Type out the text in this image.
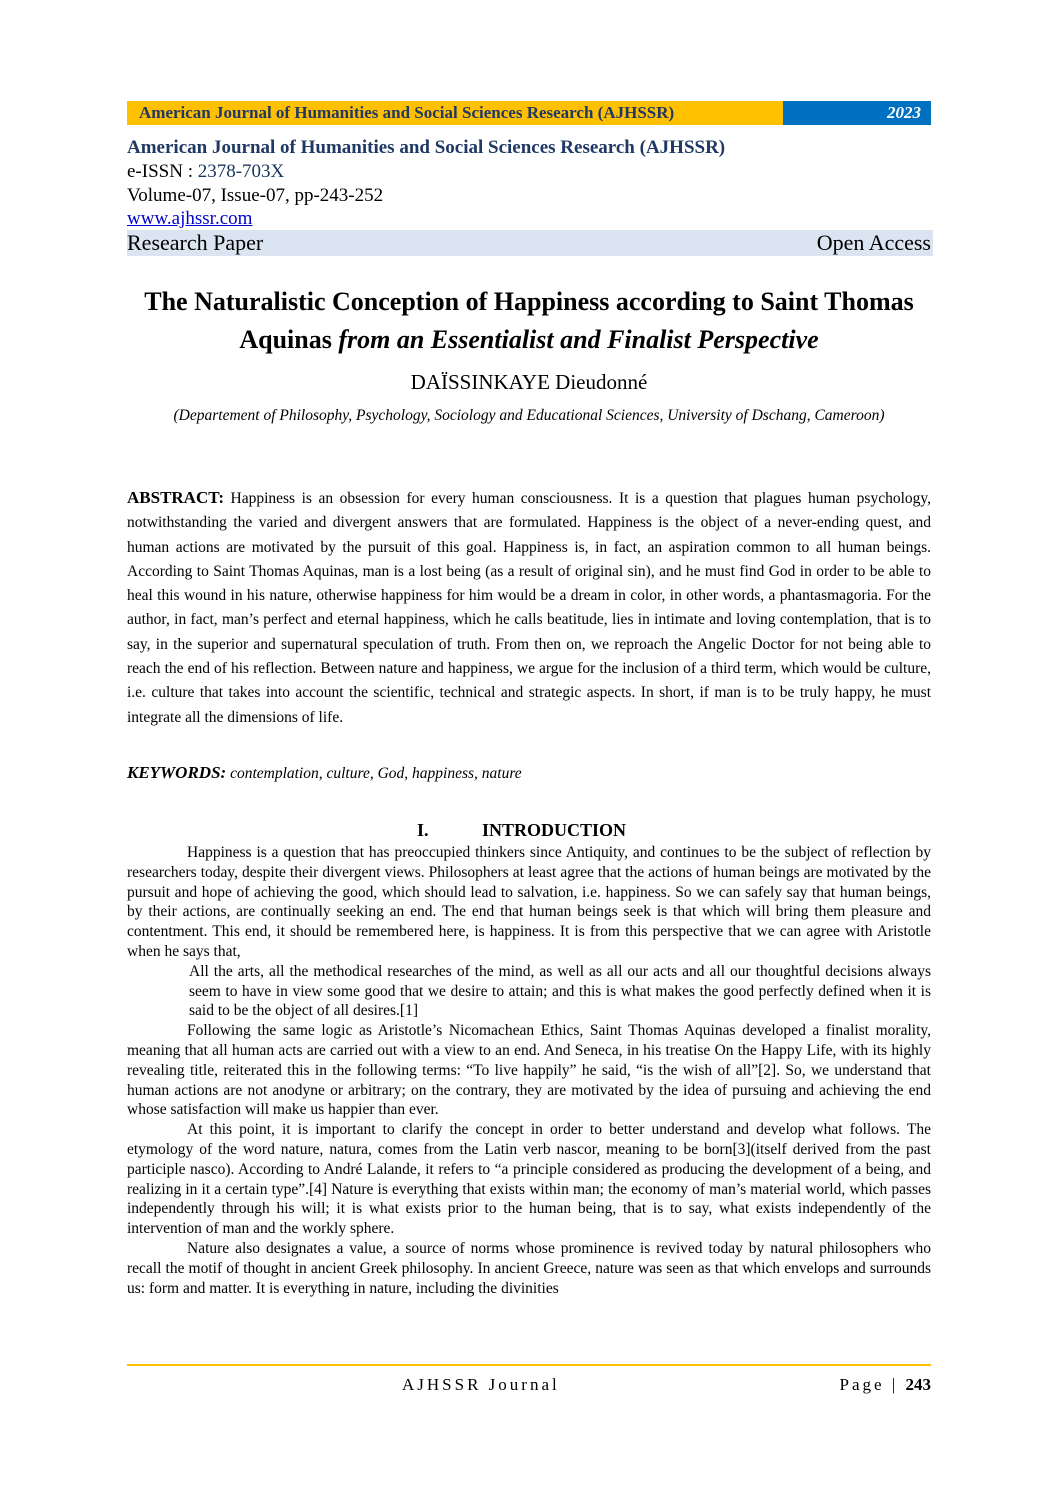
American Journal of Humanities and Social Sciences Research (AJHSSR)	2023
American Journal of Humanities and Social Sciences Research (AJHSSR)
e-ISSN : 2378-703X
Volume-07, Issue-07, pp-243-252
www.ajhssr.com
Research Paper	Open Access
The Naturalistic Conception of Happiness according to Saint Thomas Aquinas from an Essentialist and Finalist Perspective
DAÏSSINKAYE Dieudonné
(Departement of Philosophy, Psychology, Sociology and Educational Sciences, University of Dschang, Cameroon)
ABSTRACT: Happiness is an obsession for every human consciousness. It is a question that plagues human psychology, notwithstanding the varied and divergent answers that are formulated. Happiness is the object of a never-ending quest, and human actions are motivated by the pursuit of this goal. Happiness is, in fact, an aspiration common to all human beings. According to Saint Thomas Aquinas, man is a lost being (as a result of original sin), and he must find God in order to be able to heal this wound in his nature, otherwise happiness for him would be a dream in color, in other words, a phantasmagoria. For the author, in fact, man’s perfect and eternal happiness, which he calls beatitude, lies in intimate and loving contemplation, that is to say, in the superior and supernatural speculation of truth. From then on, we reproach the Angelic Doctor for not being able to reach the end of his reflection. Between nature and happiness, we argue for the inclusion of a third term, which would be culture, i.e. culture that takes into account the scientific, technical and strategic aspects. In short, if man is to be truly happy, he must integrate all the dimensions of life.
KEYWORDS: contemplation, culture, God, happiness, nature
I.	INTRODUCTION

Happiness is a question that has preoccupied thinkers since Antiquity, and continues to be the subject of reflection by researchers today, despite their divergent views. Philosophers at least agree that the actions of human beings are motivated by the pursuit and hope of achieving the good, which should lead to salvation, i.e. happiness. So we can safely say that human beings, by their actions, are continually seeking an end. The end that human beings seek is that which will bring them pleasure and contentment. This end, it should be remembered here, is happiness. It is from this perspective that we can agree with Aristotle when he says that,

All the arts, all the methodical researches of the mind, as well as all our acts and all our thoughtful decisions always seem to have in view some good that we desire to attain; and this is what makes the good perfectly defined when it is said to be the object of all desires.[1]

Following the same logic as Aristotle’s Nicomachean Ethics, Saint Thomas Aquinas developed a finalist morality, meaning that all human acts are carried out with a view to an end. And Seneca, in his treatise On the Happy Life, with its highly revealing title, reiterated this in the following terms: “To live happily” he said, “is the wish of all”[2]. So, we understand that human actions are not anodyne or arbitrary; on the contrary, they are motivated by the idea of pursuing and achieving the end whose satisfaction will make us happier than ever.

At this point, it is important to clarify the concept in order to better understand and develop what follows. The etymology of the word nature, natura, comes from the Latin verb nascor, meaning to be born[3](itself derived from the past participle nasco). According to André Lalande, it refers to “a principle considered as producing the development of a being, and realizing in it a certain type”.[4] Nature is everything that exists within man; the economy of man’s material world, which passes independently through his will; it is what exists prior to the human being, that is to say, what exists independently of the intervention of man and the workly sphere.

Nature also designates a value, a source of norms whose prominence is revived today by natural philosophers who recall the motif of thought in ancient Greek philosophy. In ancient Greece, nature was seen as that which envelops and surrounds us: form and matter. It is everything in nature, including the divinities

AJHSSR Journal	Page | 243
